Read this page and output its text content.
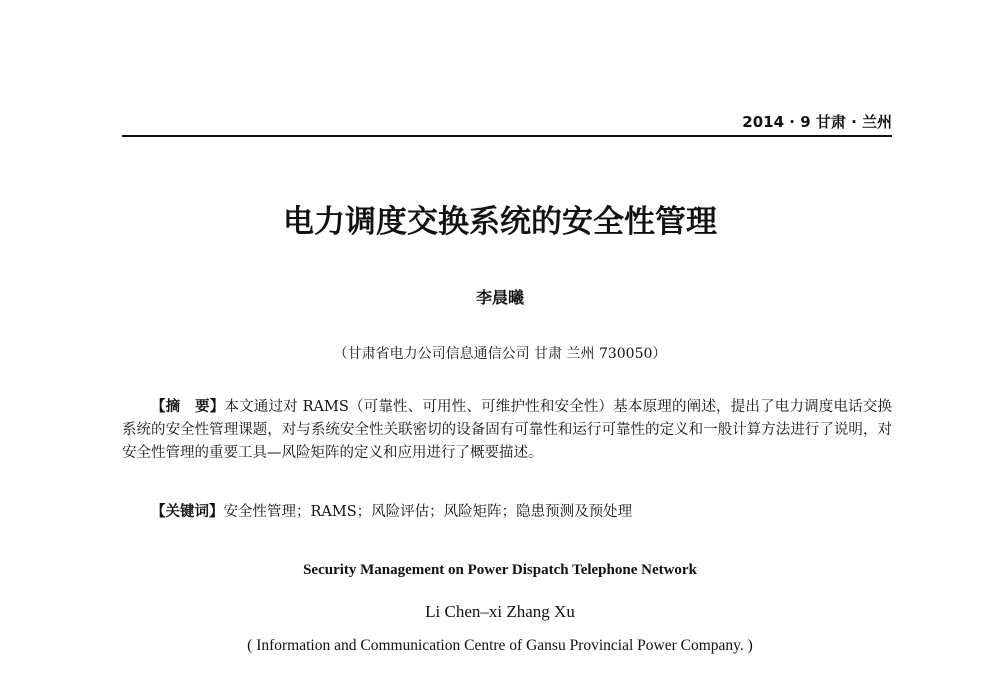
2014 · 9 甘肃 · 兰州
电力调度交换系统的安全性管理
李晨曦
（甘肃省电力公司信息通信公司 甘肃 兰州 730050）
【摘　要】本文通过对 RAMS（可靠性、可用性、可维护性和安全性）基本原理的阐述，提出了电力调度电话交换系统的安全性管理课题，对与系统安全性关联密切的设备固有可靠性和运行可靠性的定义和一般计算方法进行了说明，对安全性管理的重要工具—风险矩阵的定义和应用进行了概要描述。
【关键词】安全性管理；RAMS；风险评估；风险矩阵；隐患预测及预处理
Security Management on Power Dispatch Telephone Network
Li Chen–xi Zhang Xu
( Information and Communication Centre of Gansu Provincial Power Company. )
